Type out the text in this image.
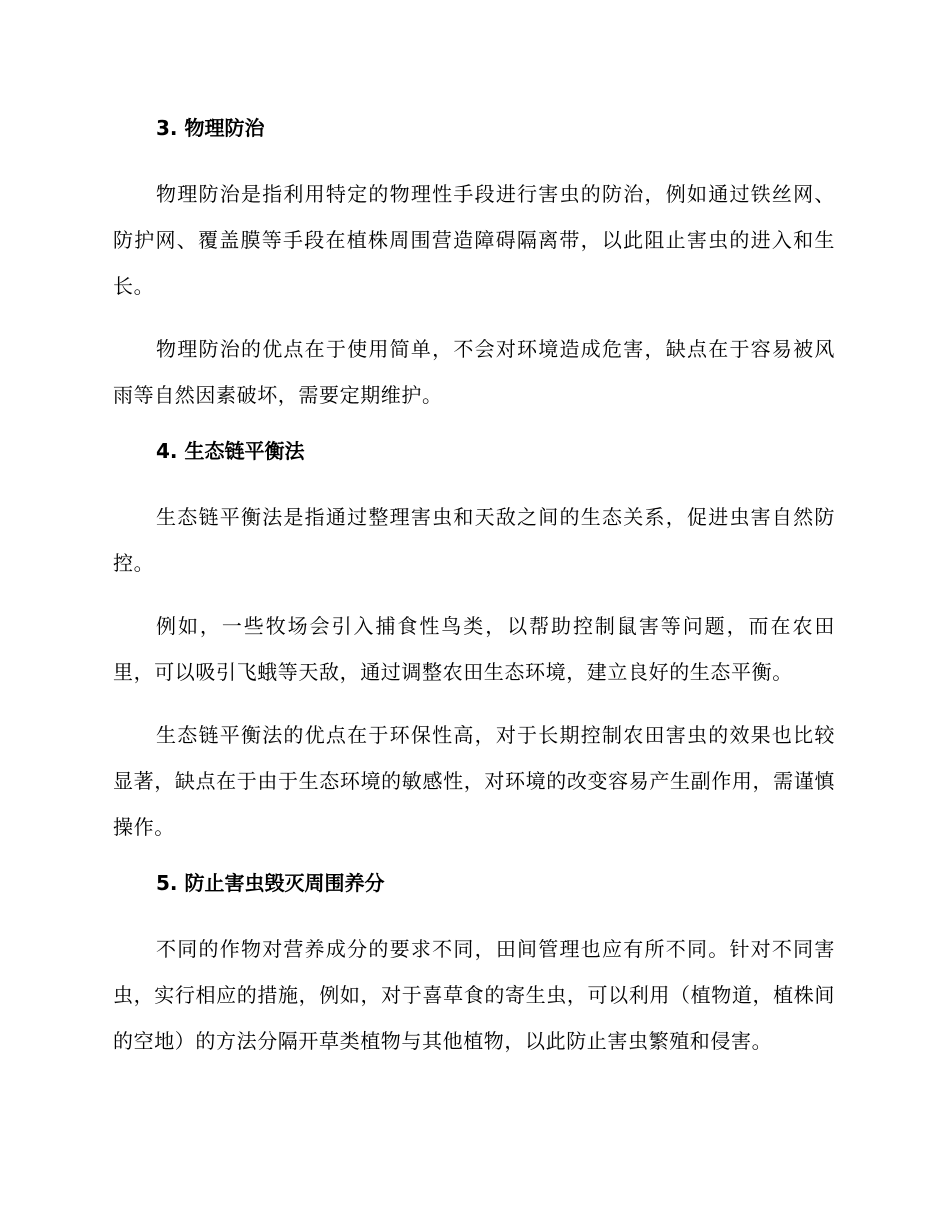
3. 物理防治

物理防治是指利用特定的物理性手段进行害虫的防治，例如通过铁丝网、防护网、覆盖膜等手段在植株周围营造障碍隔离带，以此阻止害虫的进入和生长。

物理防治的优点在于使用简单，不会对环境造成危害，缺点在于容易被风雨等自然因素破坏，需要定期维护。

4. 生态链平衡法

生态链平衡法是指通过整理害虫和天敌之间的生态关系，促进虫害自然防控。

例如，一些牧场会引入捕食性鸟类，以帮助控制鼠害等问题，而在农田里，可以吸引飞蛾等天敌，通过调整农田生态环境，建立良好的生态平衡。

生态链平衡法的优点在于环保性高，对于长期控制农田害虫的效果也比较显著，缺点在于由于生态环境的敏感性，对环境的改变容易产生副作用，需谨慎操作。

5. 防止害虫毁灭周围养分

不同的作物对营养成分的要求不同，田间管理也应有所不同。针对不同害虫，实行相应的措施，例如，对于喜草食的寄生虫，可以利用（植物道，植株间的空地）的方法分隔开草类植物与其他植物，以此防止害虫繁殖和侵害。
